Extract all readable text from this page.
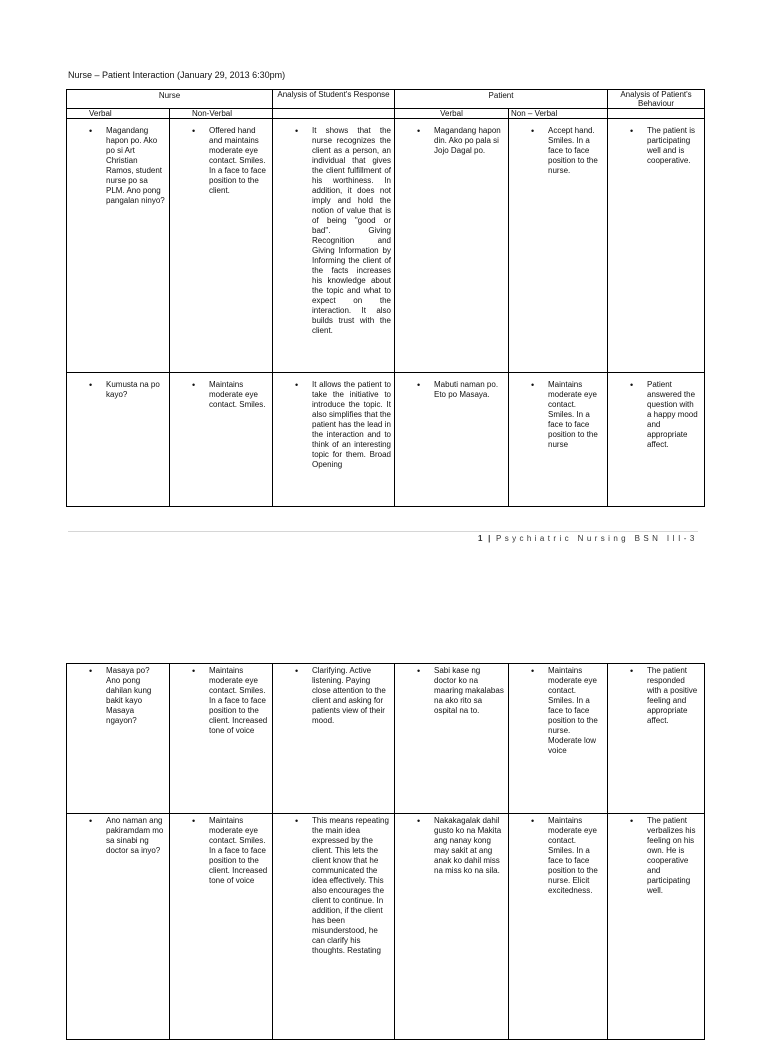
Nurse – Patient Interaction (January 29, 2013 6:30pm)
Nurse		Analysis of Student's Response	Patient		Analysis of Patient's Behaviour
Verbal	Non-Verbal		Verbal	Non – Verbal	

• Magandang hapon po. Ako po si Art Christian Ramos, student nurse po sa PLM. Ano pong pangalan ninyo?	• Offered hand and maintains moderate eye contact. Smiles. In a face to face position to the client.	• It shows that the nurse recognizes the client as a person, an individual that gives the client fulfillment of his worthiness. In addition, it does not imply and hold the notion of value that is of being "good or bad". Giving Recognition and Giving Information by Informing the client of the facts increases his knowledge about the topic and what to expect on the interaction. It also builds trust with the client.	• Magandang hapon din. Ako po pala si Jojo Dagal po.	• Accept hand. Smiles. In a face to face position to the nurse.	• The patient is participating well and is cooperative.

• Kumusta na po kayo?	• Maintains moderate eye contact. Smiles.	• It allows the patient to take the initiative to introduce the topic. It also simplifies that the patient has the lead in the interaction and to think of an interesting topic for them. Broad Opening	• Mabuti naman po. Eto po Masaya.	• Maintains moderate eye contact. Smiles. In a face to face position to the nurse	• Patient answered the question with a happy mood and appropriate affect.
1 | Psychiatric Nursing BSN III-3
• Masaya po? Ano pong dahilan kung bakit kayo Masaya ngayon?	• Maintains moderate eye contact. Smiles. In a face to face position to the client. Increased tone of voice	• Clarifying. Active listening. Paying close attention to the client and asking for patients view of their mood.	• Sabi kase ng doctor ko na maaring makalabas na ako rito sa ospital na to.	• Maintains moderate eye contact. Smiles. In a face to face position to the nurse. Moderate low voice	• The patient responded with a positive feeling and appropriate affect.

• Ano naman ang pakiramdam mo sa sinabi ng doctor sa inyo?	• Maintains moderate eye contact. Smiles. In a face to face position to the client. Increased tone of voice	• This means repeating the main idea expressed by the client. This lets the client know that he communicated the idea effectively. This also encourages the client to continue. In addition, if the client has been misunderstood, he can clarify his thoughts. Restating	• Nakakagalak dahil gusto ko na Makita ang nanay kong may sakit at ang anak ko dahil miss na miss ko na sila.	• Maintains moderate eye contact. Smiles. In a face to face position to the nurse. Elicit excitedness.	• The patient verbalizes his feeling on his own. He is cooperative and participating well.
